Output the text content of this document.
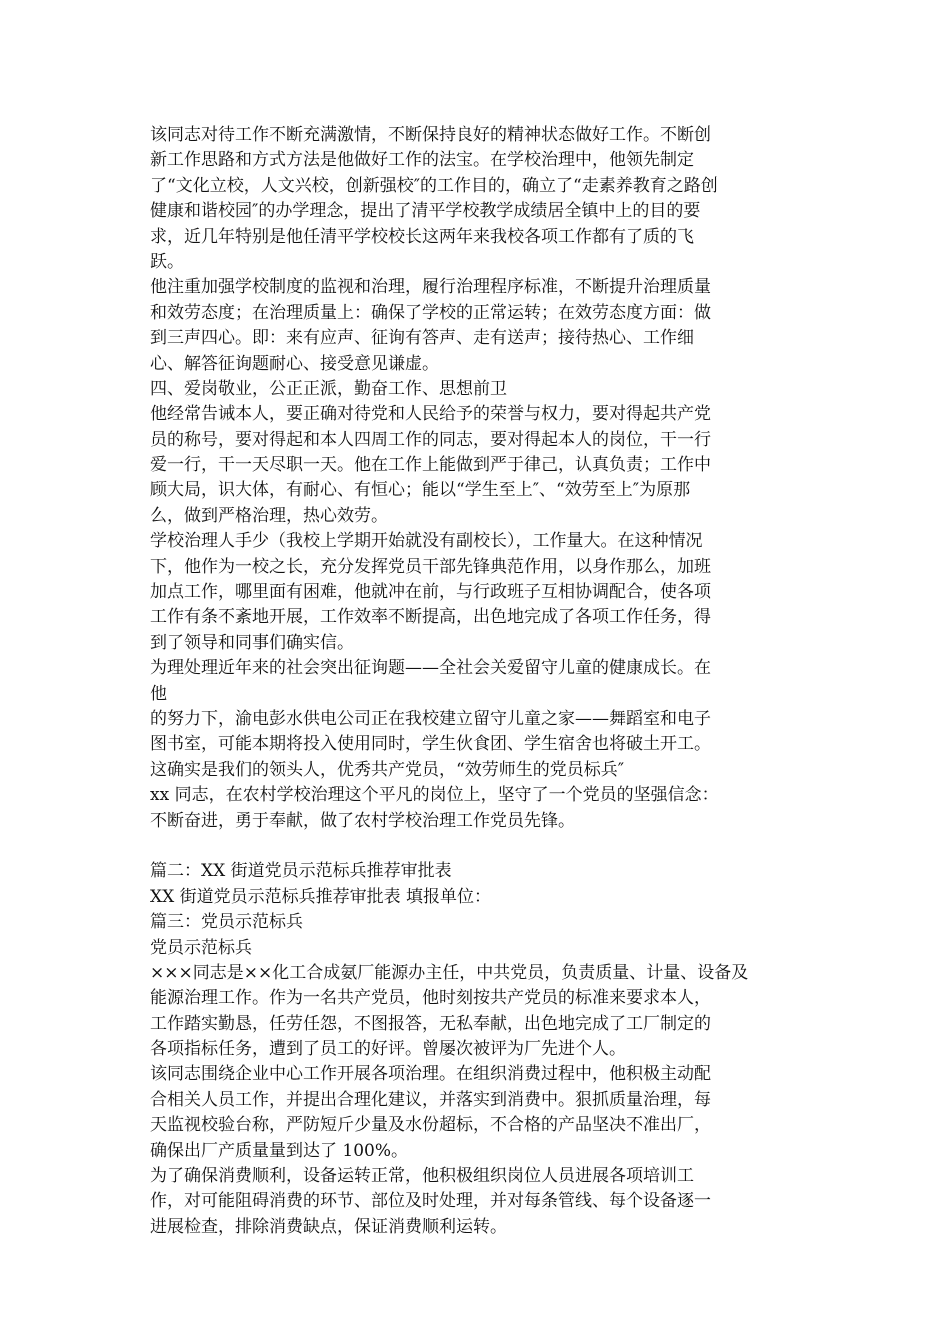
该同志对待工作不断充满激情，不断保持良好的精神状态做好工作。不断创
新工作思路和方式方法是他做好工作的法宝。在学校治理中，他领先制定
了“文化立校，人文兴校，创新强校″的工作目的，确立了“走素养教育之路创
健康和谐校园″的办学理念，提出了清平学校教学成绩居全镇中上的目的要
求，近几年特别是他任清平学校校长这两年来我校各项工作都有了质的飞
跃。
他注重加强学校制度的监视和治理，履行治理程序标准，不断提升治理质量
和效劳态度；在治理质量上：确保了学校的正常运转；在效劳态度方面：做
到三声四心。即：来有应声、征询有答声、走有送声；接待热心、工作细
心、解答征询题耐心、接受意见谦虚。
四、爱岗敬业，公正正派，勤奋工作、思想前卫
他经常告诫本人，要正确对待党和人民给予的荣誉与权力，要对得起共产党
员的称号，要对得起和本人四周工作的同志，要对得起本人的岗位，干一行
爱一行，干一天尽职一天。他在工作上能做到严于律己，认真负责；工作中
顾大局，识大体，有耐心、有恒心；能以“学生至上″、“效劳至上″为原那
么，做到严格治理，热心效劳。
学校治理人手少（我校上学期开始就没有副校长），工作量大。在这种情况
下，他作为一校之长，充分发挥党员干部先锋典范作用，以身作那么，加班
加点工作，哪里面有困难，他就冲在前，与行政班子互相协调配合，使各项
工作有条不紊地开展，工作效率不断提高，出色地完成了各项工作任务，得
到了领导和同事们确实信。
为理处理近年来的社会突出征询题——全社会关爱留守儿童的健康成长。在
他
的努力下，渝电彭水供电公司正在我校建立留守儿童之家——舞蹈室和电子
图书室，可能本期将投入使用同时，学生伙食团、学生宿舍也将破土开工。
这确实是我们的领头人，优秀共产党员，“效劳师生的党员标兵″
xx 同志，在农村学校治理这个平凡的岗位上，坚守了一个党员的坚强信念：
不断奋进，勇于奉献，做了农村学校治理工作党员先锋。
篇二：XX 街道党员示范标兵推荐审批表
XX 街道党员示范标兵推荐审批表 填报单位：
篇三：党员示范标兵
党员示范标兵
×××同志是××化工合成氨厂能源办主任，中共党员，负责质量、计量、设备及
能源治理工作。作为一名共产党员，他时刻按共产党员的标准来要求本人，
工作踏实勤恳，任劳任怨，不图报答，无私奉献，出色地完成了工厂制定的
各项指标任务，遭到了员工的好评。曾屡次被评为厂先进个人。
该同志围绕企业中心工作开展各项治理。在组织消费过程中，他积极主动配
合相关人员工作，并提出合理化建议，并落实到消费中。狠抓质量治理，每
天监视校验台称，严防短斤少量及水份超标，不合格的产品坚决不准出厂，
确保出厂产质量量到达了 100%。
为了确保消费顺利，设备运转正常，他积极组织岗位人员进展各项培训工
作，对可能阻碍消费的环节、部位及时处理，并对每条管线、每个设备逐一
进展检查，排除消费缺点，保证消费顺利运转。
